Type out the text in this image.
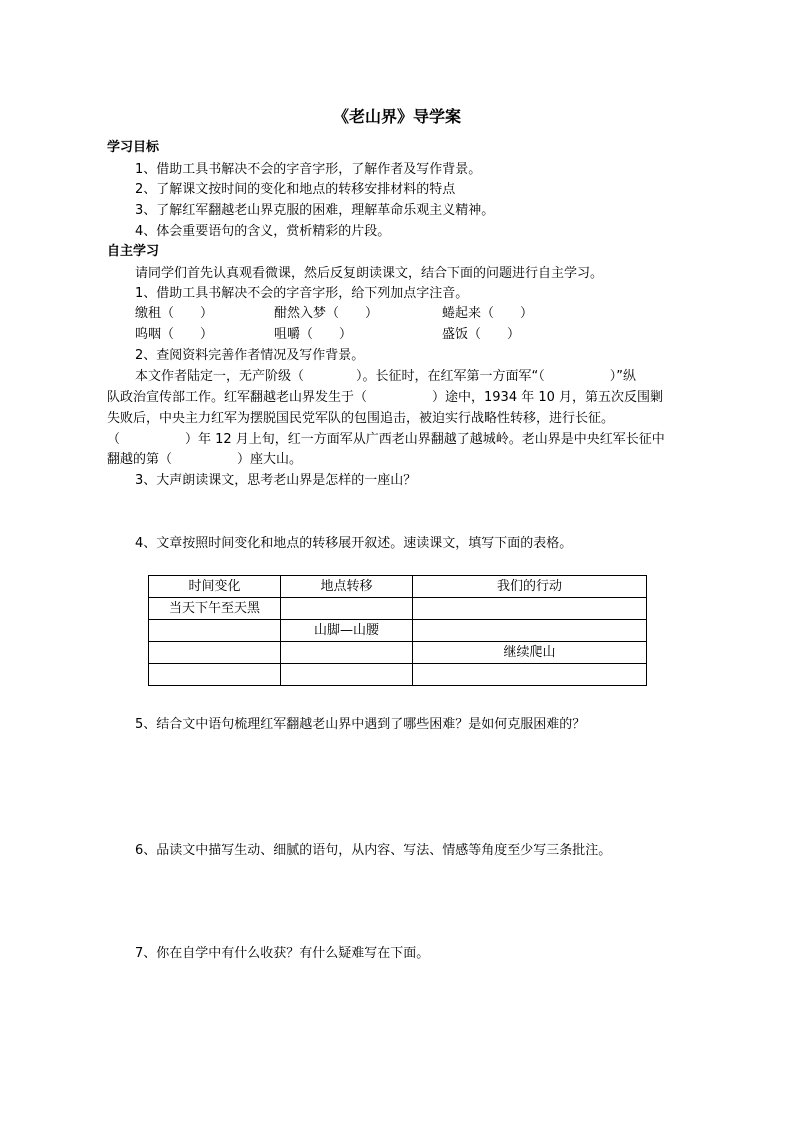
《老山界》导学案
学习目标
1、借助工具书解决不会的字音字形，了解作者及写作背景。
2、了解课文按时间的变化和地点的转移安排材料的特点
3、了解红军翻越老山界克服的困难，理解革命乐观主义精神。
4、体会重要语句的含义，赏析精彩的片段。
自主学习
请同学们首先认真观看微课，然后反复朗读课文，结合下面的问题进行自主学习。
1、借助工具书解决不会的字音字形，给下列加点字注音。
缴租（　　）	酣然入梦（　　）	蜷起来（　　）
呜咽（　　）	咀嚼（　　）	盛饭（　　）
2、查阅资料完善作者情况及写作背景。
本文作者陆定一，无产阶级（　　　　）。长征时，在红军第一方面军“（　　　　　）”纵
队政治宣传部工作。红军翻越老山界发生于（　　　　　）途中，1934 年 10 月，第五次反围剿
失败后，中央主力红军为摆脱国民党军队的包围追击，被迫实行战略性转移，进行长征。
（　　　　　）年 12 月上旬，红一方面军从广西老山界翻越了越城岭。老山界是中央红军长征中
翻越的第（　　　　　）座大山。
3、大声朗读课文，思考老山界是怎样的一座山？
4、文章按照时间变化和地点的转移展开叙述。速读课文，填写下面的表格。
时间变化	地点转移	我们的行动
当天下午至天黑		
	山脚—山腰	
		继续爬山

5、结合文中语句梳理红军翻越老山界中遇到了哪些困难？是如何克服困难的？
6、品读文中描写生动、细腻的语句，从内容、写法、情感等角度至少写三条批注。
7、你在自学中有什么收获？有什么疑难写在下面。
